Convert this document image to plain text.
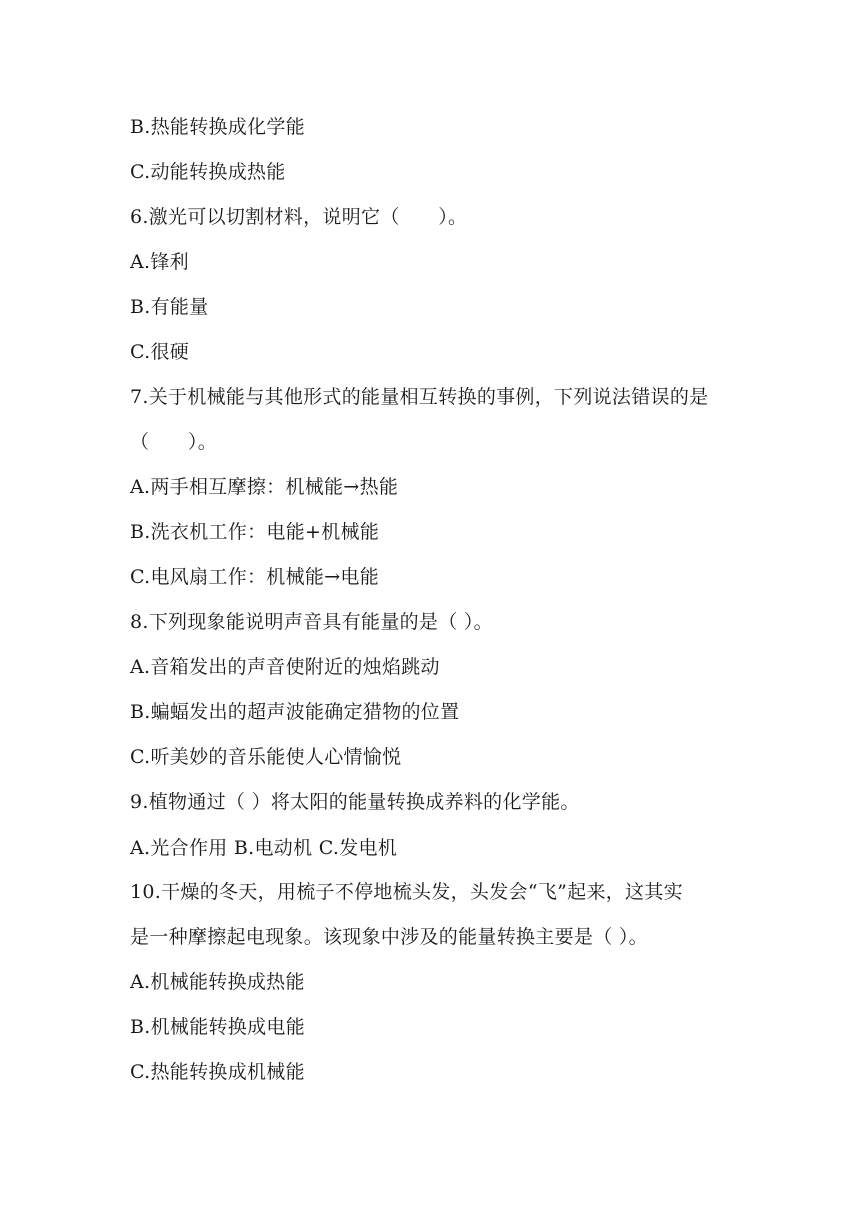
B.热能转换成化学能
C.动能转换成热能
6.激光可以切割材料，说明它（　　）。
A.锋利
B.有能量
C.很硬
7.关于机械能与其他形式的能量相互转换的事例，下列说法错误的是
（　　）。
A.两手相互摩擦：机械能→热能
B.洗衣机工作：电能+机械能
C.电风扇工作：机械能→电能
8.下列现象能说明声音具有能量的是（ ）。
A.音箱发出的声音使附近的烛焰跳动
B.蝙蝠发出的超声波能确定猎物的位置
C.听美妙的音乐能使人心情愉悦
9.植物通过（ ）将太阳的能量转换成养料的化学能。
A.光合作用 B.电动机 C.发电机
10.干燥的冬天，用梳子不停地梳头发，头发会“飞”起来，这其实
是一种摩擦起电现象。该现象中涉及的能量转换主要是（ ）。
A.机械能转换成热能
B.机械能转换成电能
C.热能转换成机械能
